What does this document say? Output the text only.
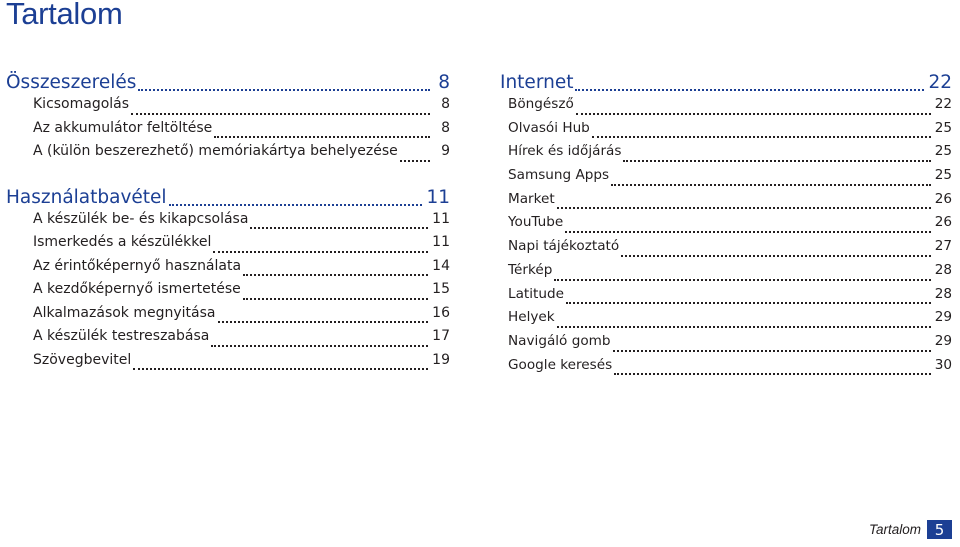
Tartalom
Összeszerelés	8
Kicsomagolás	8
Az akkumulátor feltöltése	8
A (külön beszerezhető) memóriakártya behelyezése	9
Használatbavétel	11
A készülék be- és kikapcsolása	11
Ismerkedés a készülékkel	11
Az érintőképernyő használata	14
A kezdőképernyő ismertetése	15
Alkalmazások megnyitása	16
A készülék testreszabása	17
Szövegbevitel	19
Internet	22
Böngésző	22
Olvasói Hub	25
Hírek és időjárás	25
Samsung Apps	25
Market	26
YouTube	26
Napi tájékoztató	27
Térkép	28
Latitude	28
Helyek	29
Navigáló gomb	29
Google keresés	30
Tartalom 5
